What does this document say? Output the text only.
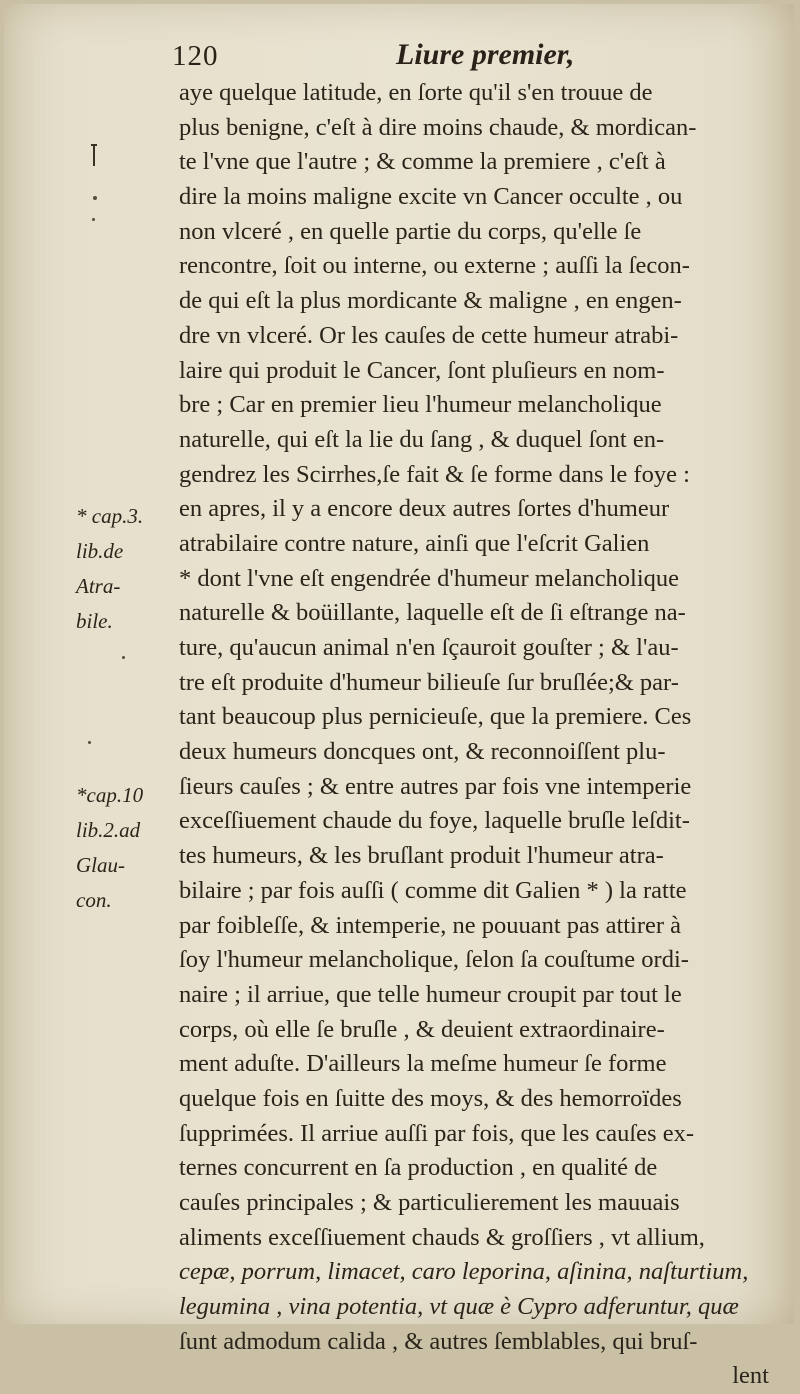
120	Liure premier,
aye quelque latitude, en ſorte qu'il s'en trouue de
plus benigne, c'eſt à dire moins chaude, & mordican-
te l'vne que l'autre ; & comme la premiere , c'eſt à
dire la moins maligne excite vn Cancer occulte , ou
non vlceré , en quelle partie du corps, qu'elle ſe
rencontre, ſoit ou interne, ou externe ; auſſi la ſecon-
de qui eſt la plus mordicante & maligne , en engen-
dre vn vlceré. Or les cauſes de cette humeur atrabi-
laire qui produit le Cancer, ſont pluſieurs en nom-
bre ; Car en premier lieu l'humeur melancholique
naturelle, qui eſt la lie du ſang , & duquel ſont en-
gendrez les Scirrhes,ſe fait & ſe forme dans le foye :
en apres, il y a encore deux autres ſortes d'humeur
atrabilaire contre nature, ainſi que l'eſcrit Galien
* dont l'vne eſt engendrée d'humeur melancholique
naturelle & boüillante, laquelle eſt de ſi eſtrange na-
ture, qu'aucun animal n'en ſçauroit gouſter ; & l'au-
tre eſt produite d'humeur bilieuſe ſur bruſlée;& par-
tant beaucoup plus pernicieuſe, que la premiere. Ces
deux humeurs doncques ont, & reconnoiſſent plu-
ſieurs cauſes ; & entre autres par fois vne intemperie
exceſſiuement chaude du foye, laquelle bruſle leſdit-
tes humeurs, & les bruſlant produit l'humeur atra-
bilaire ; par fois auſſi ( comme dit Galien * ) la ratte
par foibleſſe, & intemperie, ne pouuant pas attirer à
ſoy l'humeur melancholique, ſelon ſa couſtume ordi-
naire ; il arriue, que telle humeur croupit par tout le
corps, où elle ſe bruſle , & deuient extraordinaire-
ment aduſte. D'ailleurs la meſme humeur ſe forme
quelque fois en ſuitte des moys, & des hemorroïdes
ſupprimées. Il arriue auſſi par fois, que les cauſes ex-
ternes concurrent en ſa production , en qualité de
cauſes principales ; & particulierement les mauuais
aliments exceſſiuement chauds & groſſiers , vt allium,
cepæ, porrum, limacet, caro leporina, aſinina, naſturtium,
legumina , vina potentia, vt quæ è Cypro adferuntur, quæ
ſunt admodum calida , & autres ſemblables, qui bruſ-
lent
* cap.3.
lib.de
Atra-
bile.
*cap.10
lib.2.ad
Glau-
con.
